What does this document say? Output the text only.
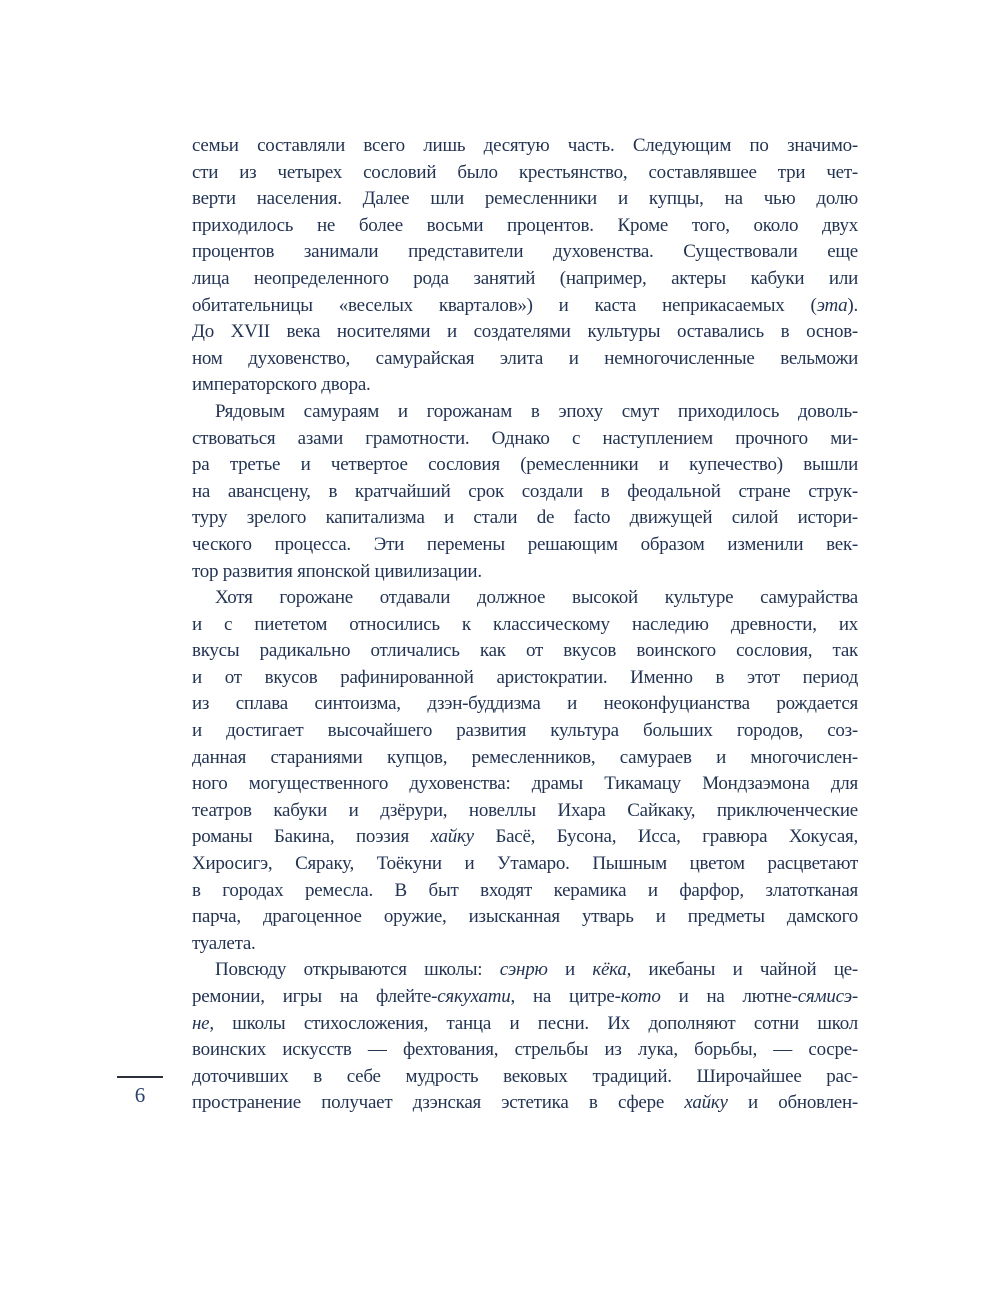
семьи составляли всего лишь десятую часть. Следующим по значимо-
сти из четырех сословий было крестьянство, составлявшее три чет-
верти населения. Далее шли ремесленники и купцы, на чью долю
приходилось не более восьми процентов. Кроме того, около двух
процентов занимали представители духовенства. Существовали еще
лица неопределенного рода занятий (например, актеры кабуки или
обитательницы «веселых кварталов») и каста неприкасаемых (эта).
До XVII века носителями и создателями культуры оставались в основ-
ном духовенство, самурайская элита и немногочисленные вельможи
императорского двора.
Рядовым самураям и горожанам в эпоху смут приходилось доволь-
ствоваться азами грамотности. Однако с наступлением прочного ми-
ра третье и четвертое сословия (ремесленники и купечество) вышли
на авансцену, в кратчайший срок создали в феодальной стране струк-
туру зрелого капитализма и стали de facto движущей силой истори-
ческого процесса. Эти перемены решающим образом изменили век-
тор развития японской цивилизации.
Хотя горожане отдавали должное высокой культуре самурайства
и с пиететом относились к классическому наследию древности, их
вкусы радикально отличались как от вкусов воинского сословия, так
и от вкусов рафинированной аристократии. Именно в этот период
из сплава синтоизма, дзэн-буддизма и неоконфуцианства рождается
и достигает высочайшего развития культура больших городов, соз-
данная стараниями купцов, ремесленников, самураев и многочислен-
ного могущественного духовенства: драмы Тикамацу Мондзаэмона для
театров кабуки и дзёрури, новеллы Ихара Сайкаку, приключенческие
романы Бакина, поэзия хайку Басё, Бусона, Исса, гравюра Хокусая,
Хиросигэ, Сяраку, Тоёкуни и Утамаро. Пышным цветом расцветают
в городах ремесла. В быт входят керамика и фарфор, златотканая
парча, драгоценное оружие, изысканная утварь и предметы дамского
туалета.
Повсюду открываются школы: сэнрю и кёка, икебаны и чайной це-
ремонии, игры на флейте-сякухати, на цитре-кото и на лютне-сямисэ-
не, школы стихосложения, танца и песни. Их дополняют сотни школ
воинских искусств — фехтования, стрельбы из лука, борьбы, — сосре-
доточивших в себе мудрость вековых традиций. Широчайшее рас-
пространение получает дзэнская эстетика в сфере хайку и обновлен-
6
